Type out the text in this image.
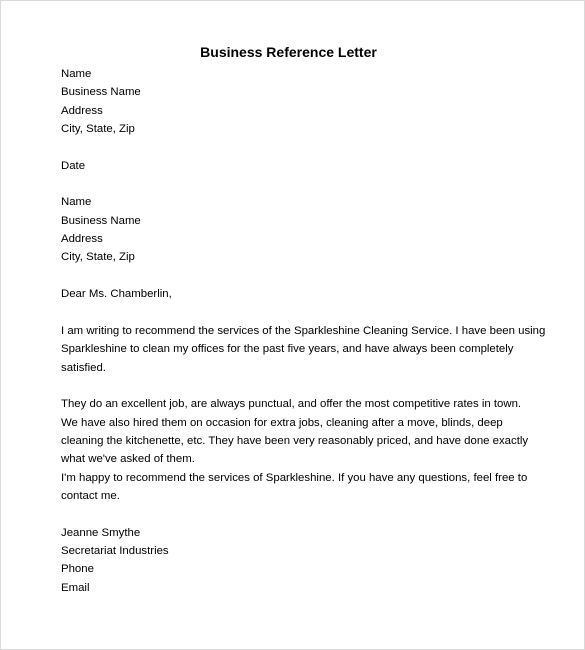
Business Reference Letter
Name
Business Name
Address
City, State, Zip
Date
Name
Business Name
Address
City, State, Zip
Dear Ms. Chamberlin,
I am writing to recommend the services of the Sparkleshine Cleaning Service. I have been using
Sparkleshine to clean my offices for the past five years, and have always been completely
satisfied.
They do an excellent job, are always punctual, and offer the most competitive rates in town.
We have also hired them on occasion for extra jobs, cleaning after a move, blinds, deep
cleaning the kitchenette, etc. They have been very reasonably priced, and have done exactly
what we've asked of them.
I'm happy to recommend the services of Sparkleshine. If you have any questions, feel free to
contact me.
Jeanne Smythe
Secretariat Industries
Phone
Email
